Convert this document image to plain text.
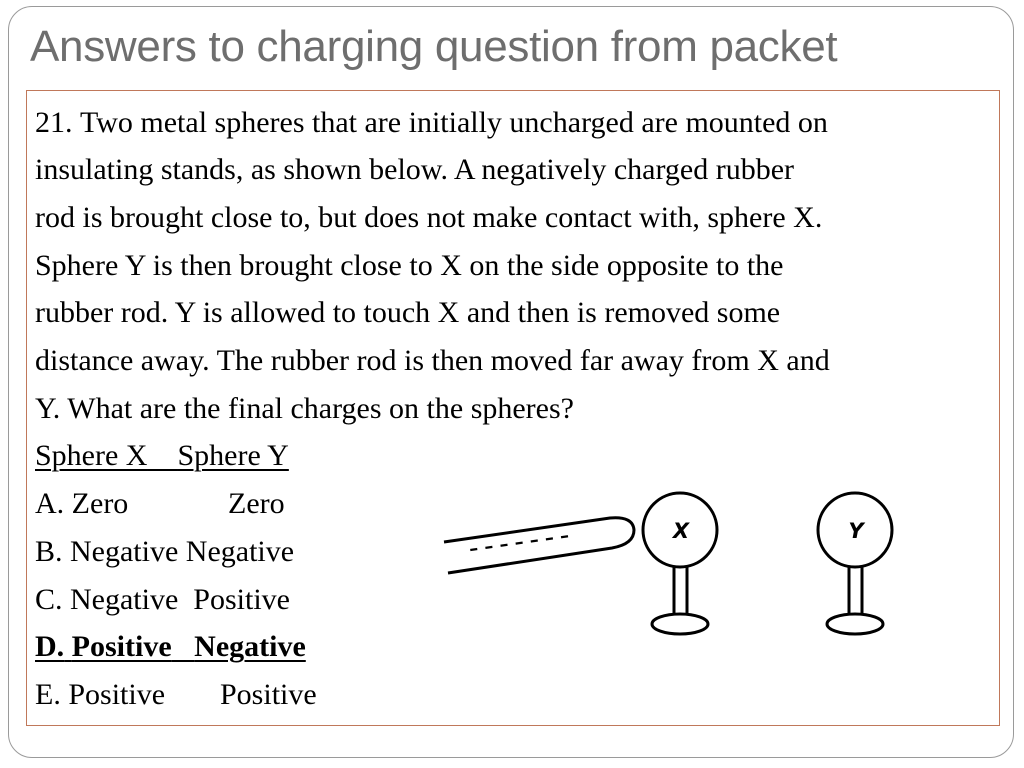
Answers to charging question from packet
21. Two metal spheres that are initially uncharged are mounted on
insulating stands, as shown below. A negatively charged rubber
rod is brought close to, but does not make contact with, sphere X.
Sphere Y is then brought close to X on the side opposite to the
rubber rod. Y is allowed to touch X and then is removed some
distance away. The rubber rod is then moved far away from X and
Y. What are the final charges on the spheres?
Sphere X Sphere Y
A. Zero	Zero
B. Negative Negative
C. Negative Positive
D. Positive Negative
E. Positive Positive
– – – – – – –	X	Y
